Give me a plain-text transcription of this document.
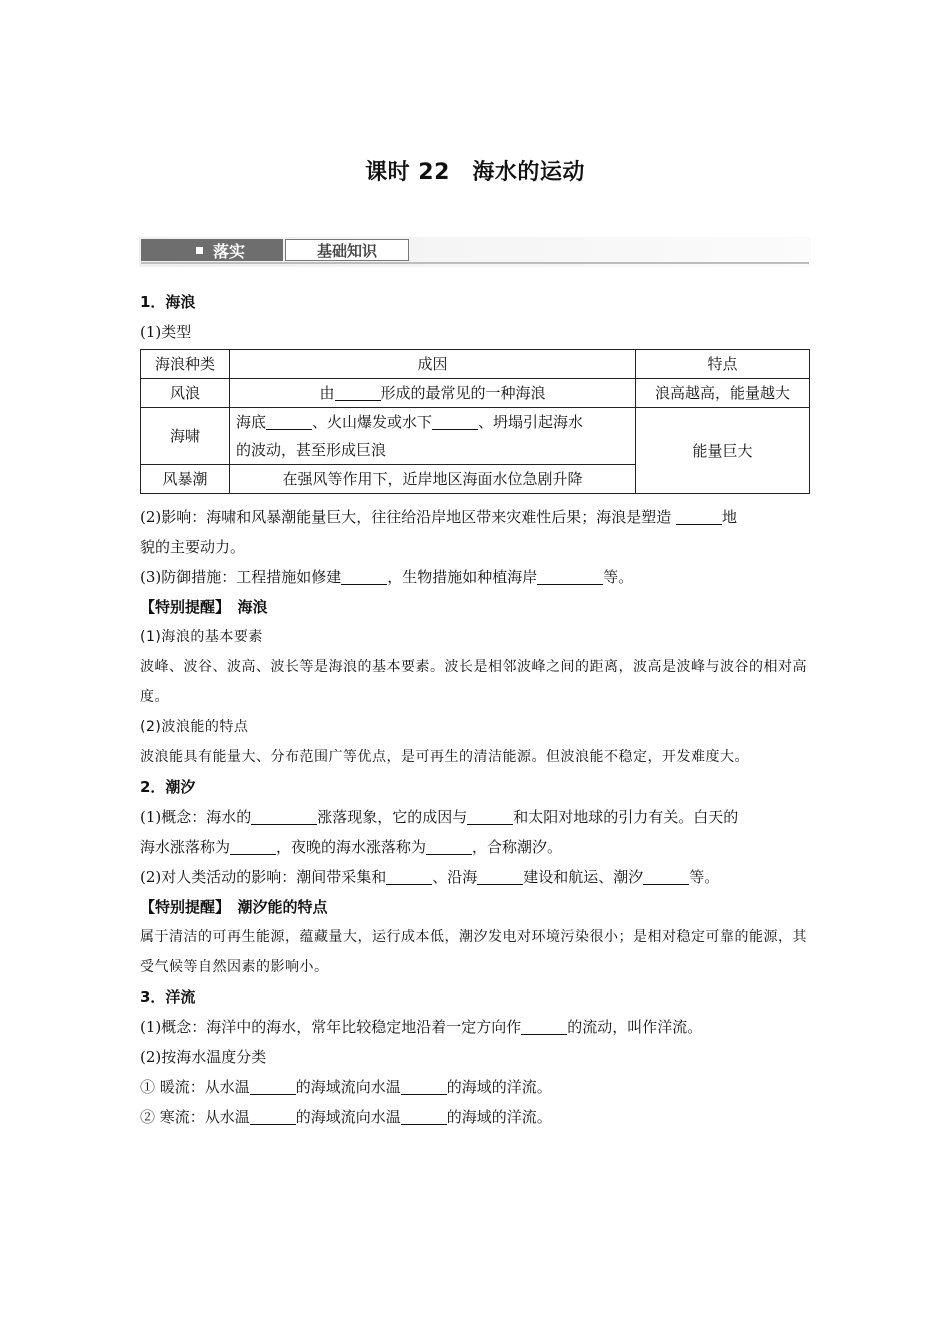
课时 22　海水的运动
落实	基础知识

1．海浪

(1)类型

海浪种类	成因	特点
风浪	由 形成的最常见的一种海浪	浪高越高，能量越大
海啸	海底 、火山爆发或水下 、坍塌引起海水
的波动，甚至形成巨浪	能量巨大
风暴潮	在强风等作用下，近岸地区海面水位急剧升降	

(2)影响：海啸和风暴潮能量巨大，往往给沿岸地区带来灾难性后果；海浪是塑造	地
貌的主要动力。

(3)防御措施：工程措施如修建	，生物措施如种植海岸	等。

【特别提醒】　 海浪

(1)海浪的基本要素

波峰、波谷、波高、波长等是海浪的基本要素。波长是相邻波峰之间的距离，波高是波峰与波谷的相对高度。

(2)波浪能的特点

波浪能具有能量大、分布范围广等优点，是可再生的清洁能源。但波浪能不稳定，开发难度大。

2．潮汐

(1)概念：海水的	涨落现象，它的成因与	和太阳对地球的引力有关。白天的
海水涨落称为	，夜晚的海水涨落称为	，合称潮汐。

(2)对人类活动的影响：潮间带采集和	、沿海	建设和航运、潮汐	等。

【特别提醒】　 潮汐能的特点

属于清洁的可再生能源，蕴藏量大，运行成本低，潮汐发电对环境污染很小；是相对稳定可靠的能源，其受气候等自然因素的影响小。

3．洋流

(1)概念：海洋中的海水，常年比较稳定地沿着一定方向作	的流动，叫作洋流。

(2)按海水温度分类

① 暖流：从水温	的海域流向水温	的海域的洋流。

② 寒流：从水温	的海域流向水温	的海域的洋流。
